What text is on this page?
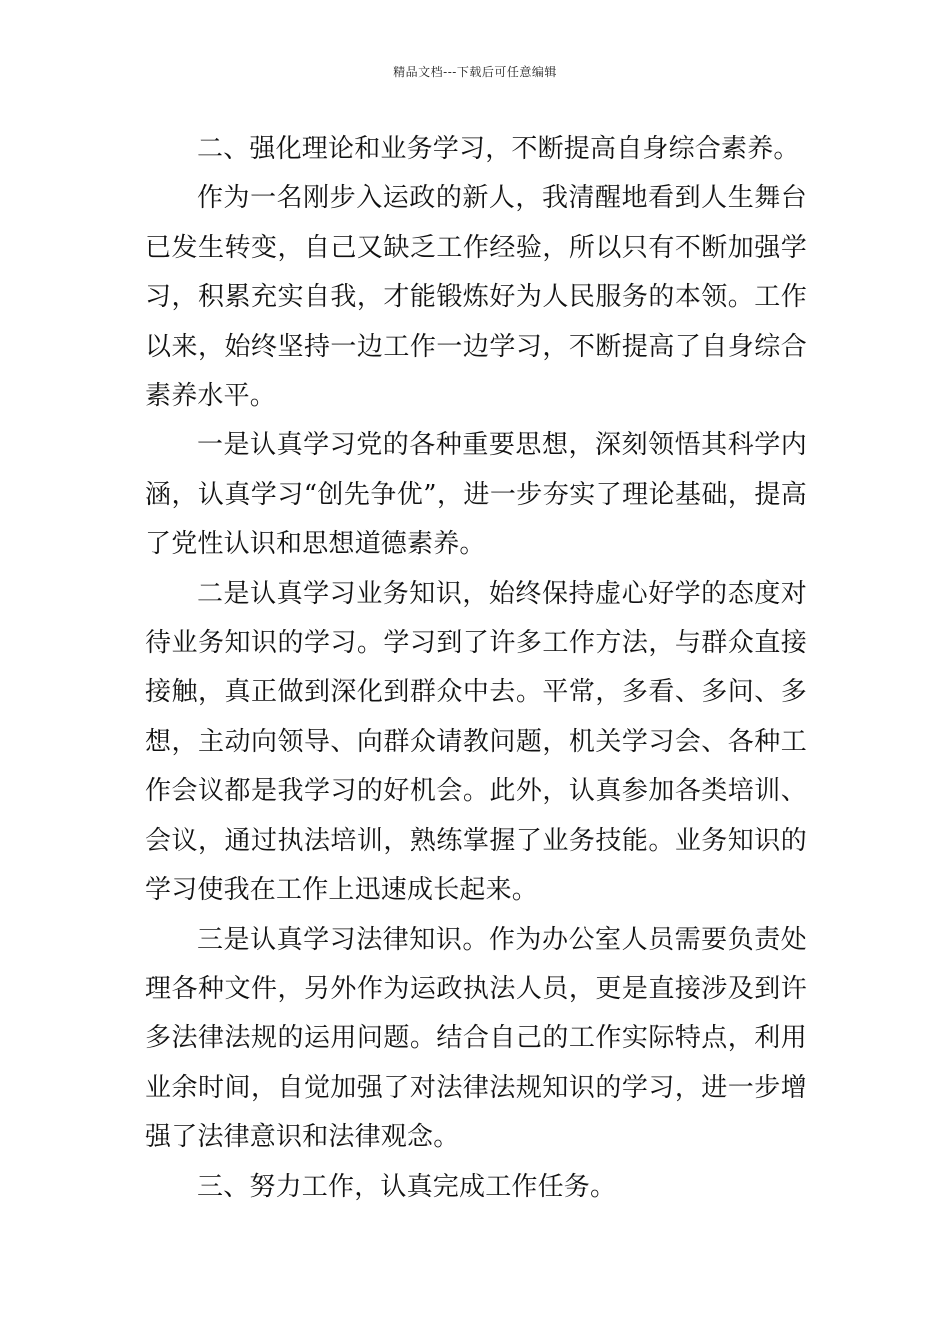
精品文档---下载后可任意编辑

二、强化理论和业务学习，不断提高自身综合素养。

作为一名刚步入运政的新人，我清醒地看到人生舞台已发生转变，自己又缺乏工作经验，所以只有不断加强学习，积累充实自我，才能锻炼好为人民服务的本领。工作以来，始终坚持一边工作一边学习，不断提高了自身综合素养水平。

一是认真学习党的各种重要思想，深刻领悟其科学内涵，认真学习“创先争优”，进一步夯实了理论基础，提高了党性认识和思想道德素养。

二是认真学习业务知识，始终保持虚心好学的态度对待业务知识的学习。学习到了许多工作方法，与群众直接接触，真正做到深化到群众中去。平常，多看、多问、多想，主动向领导、向群众请教问题，机关学习会、各种工作会议都是我学习的好机会。此外，认真参加各类培训、会议，通过执法培训，熟练掌握了业务技能。业务知识的学习使我在工作上迅速成长起来。

三是认真学习法律知识。作为办公室人员需要负责处理各种文件，另外作为运政执法人员，更是直接涉及到许多法律法规的运用问题。结合自己的工作实际特点，利用业余时间，自觉加强了对法律法规知识的学习，进一步增强了法律意识和法律观念。

三、努力工作，认真完成工作任务。
